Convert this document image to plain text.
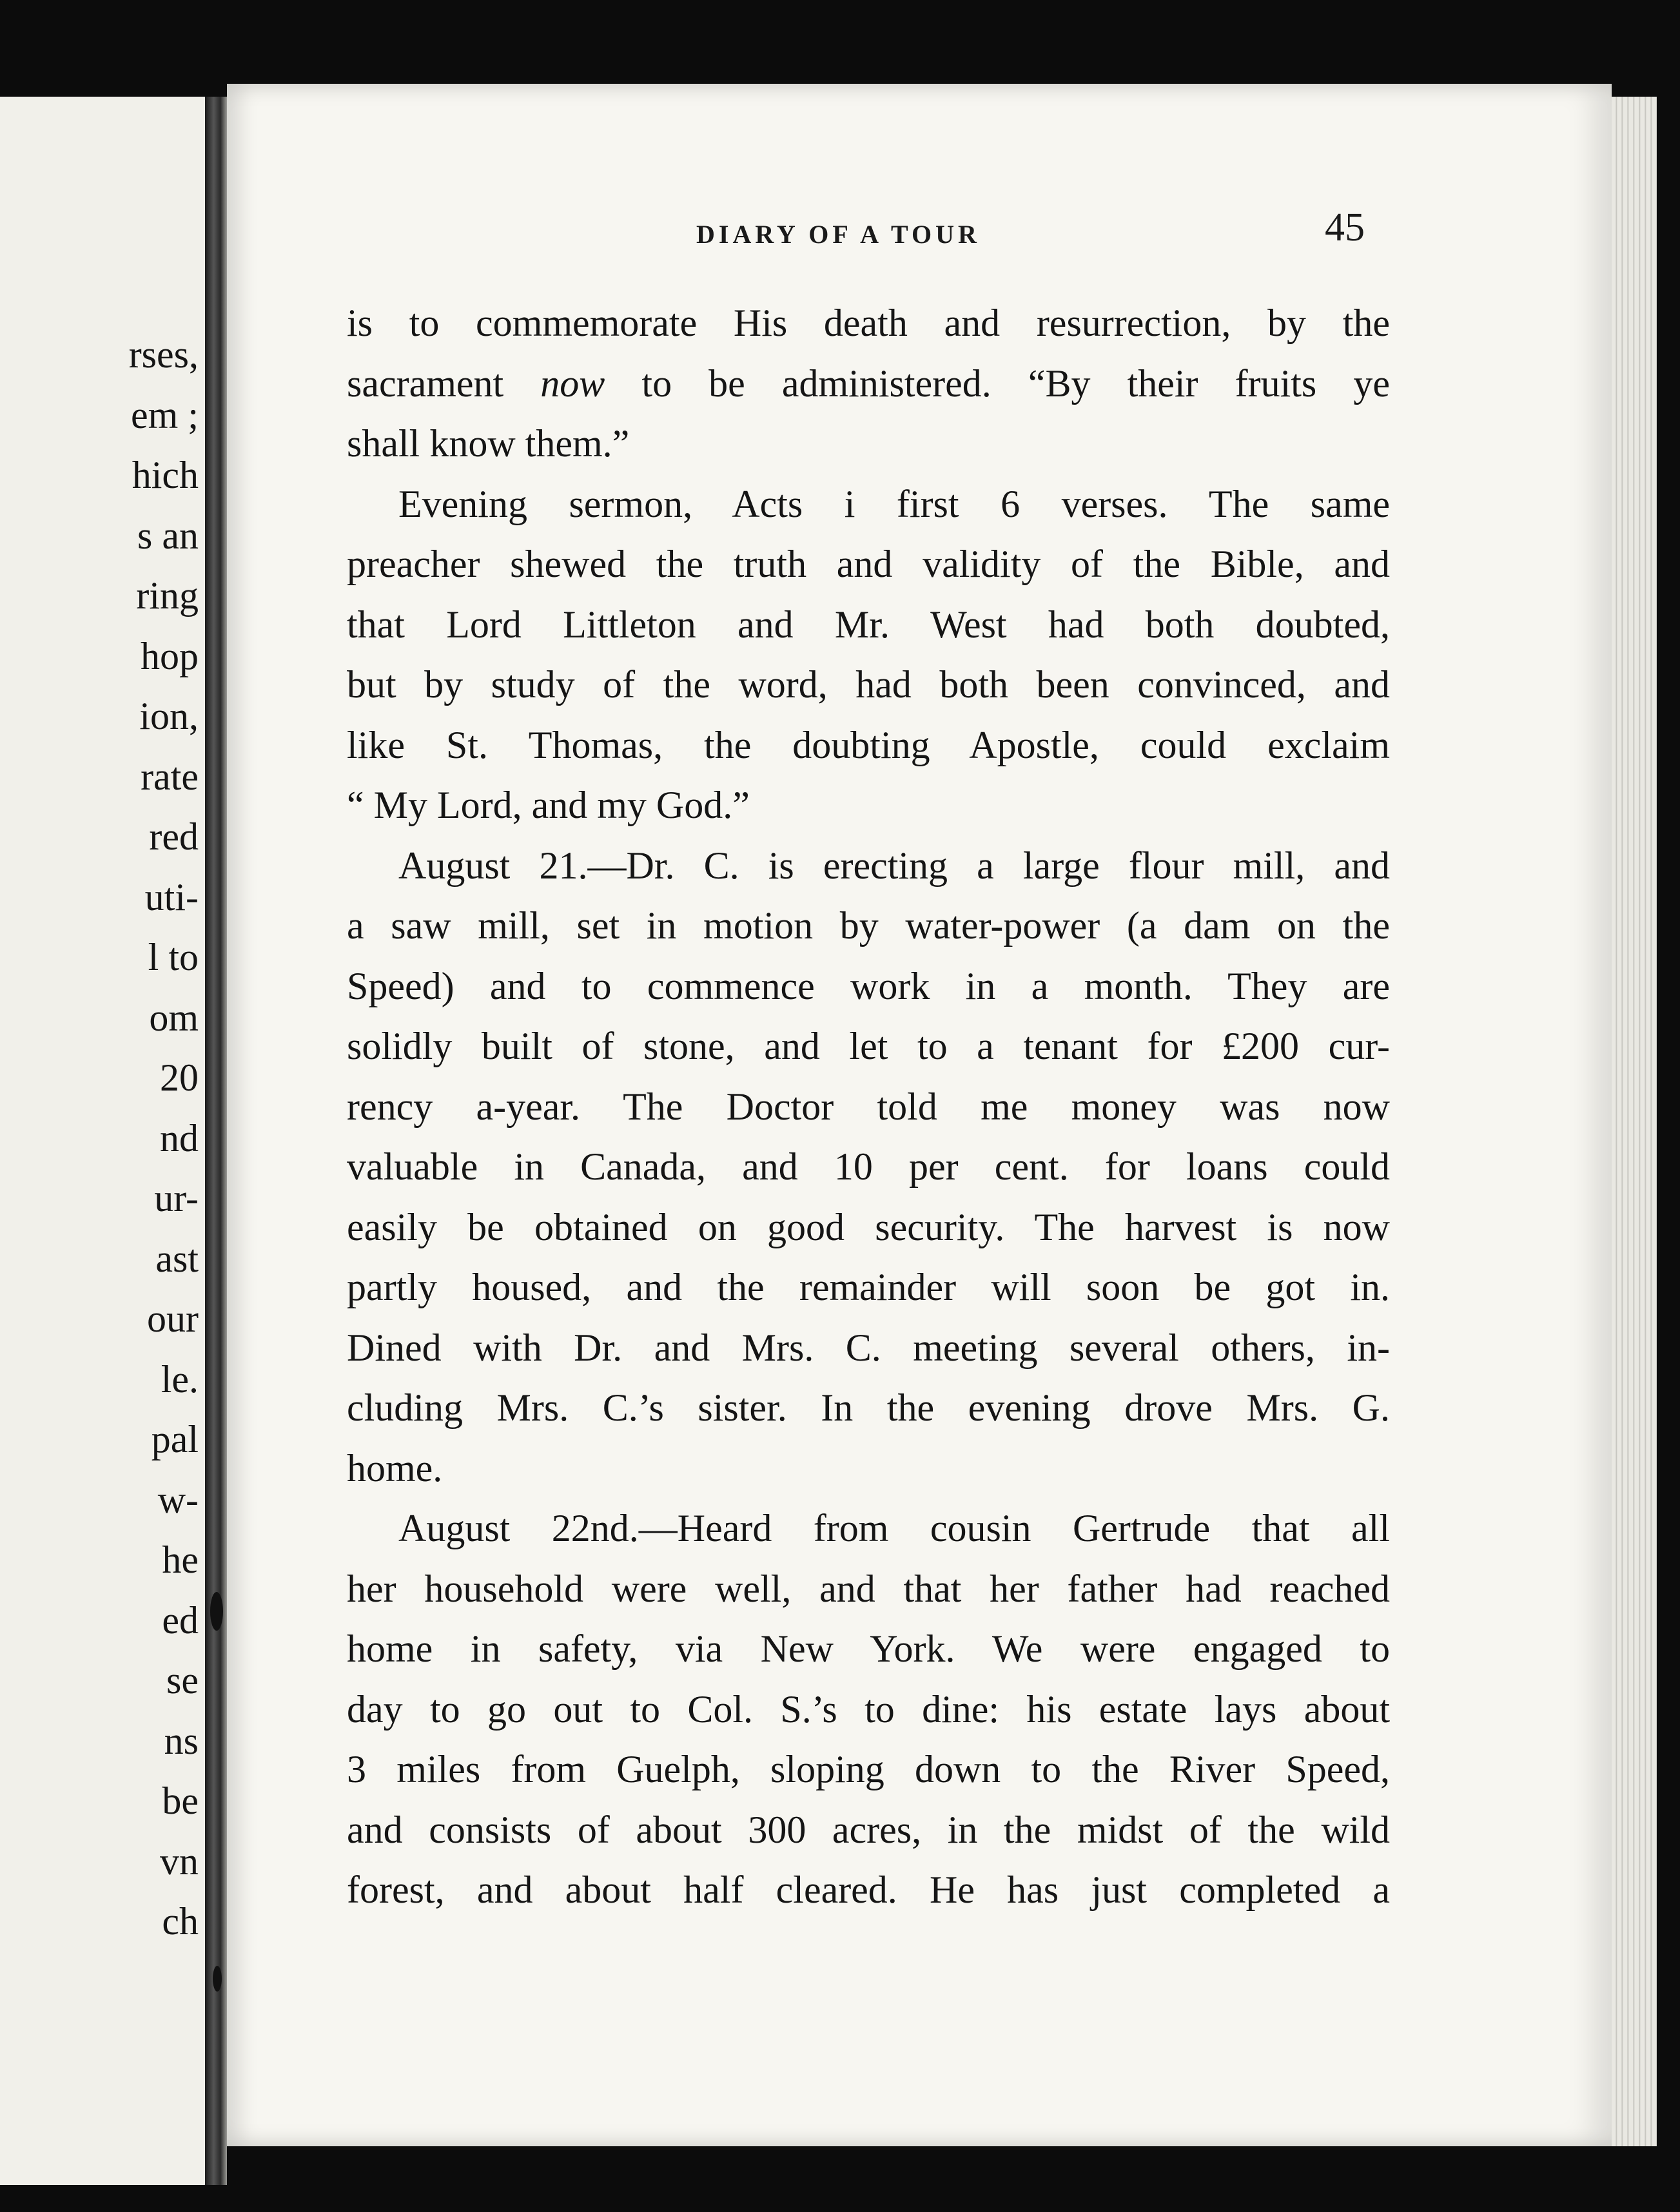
rses,
em ;
hich
s an
ring
hop
ion,
rate
red
uti-
l to
om
20
nd
ur-
ast
our
le.
pal
w-
he
ed
se
ns
be
vn
ch
DIARY OF A TOUR	45
is to commemorate His death and resurrection, by the
sacrament now to be administered. “By their fruits ye
shall know them.”
Evening sermon, Acts i first 6 verses. The same
preacher shewed the truth and validity of the Bible, and
that Lord Littleton and Mr. West had both doubted,
but by study of the word, had both been convinced, and
like St. Thomas, the doubting Apostle, could exclaim
“ My Lord, and my God.”
August 21.—Dr. C. is erecting a large flour mill, and
a saw mill, set in motion by water-power (a dam on the
Speed) and to commence work in a month. They are
solidly built of stone, and let to a tenant for £200 cur-
rency a-year. The Doctor told me money was now
valuable in Canada, and 10 per cent. for loans could
easily be obtained on good security. The harvest is now
partly housed, and the remainder will soon be got in.
Dined with Dr. and Mrs. C. meeting several others, in-
cluding Mrs. C.’s sister. In the evening drove Mrs. G.
home.
August 22nd.—Heard from cousin Gertrude that all
her household were well, and that her father had reached
home in safety, via New York. We were engaged to
day to go out to Col. S.’s to dine: his estate lays about
3 miles from Guelph, sloping down to the River Speed,
and consists of about 300 acres, in the midst of the wild
forest, and about half cleared. He has just completed a
